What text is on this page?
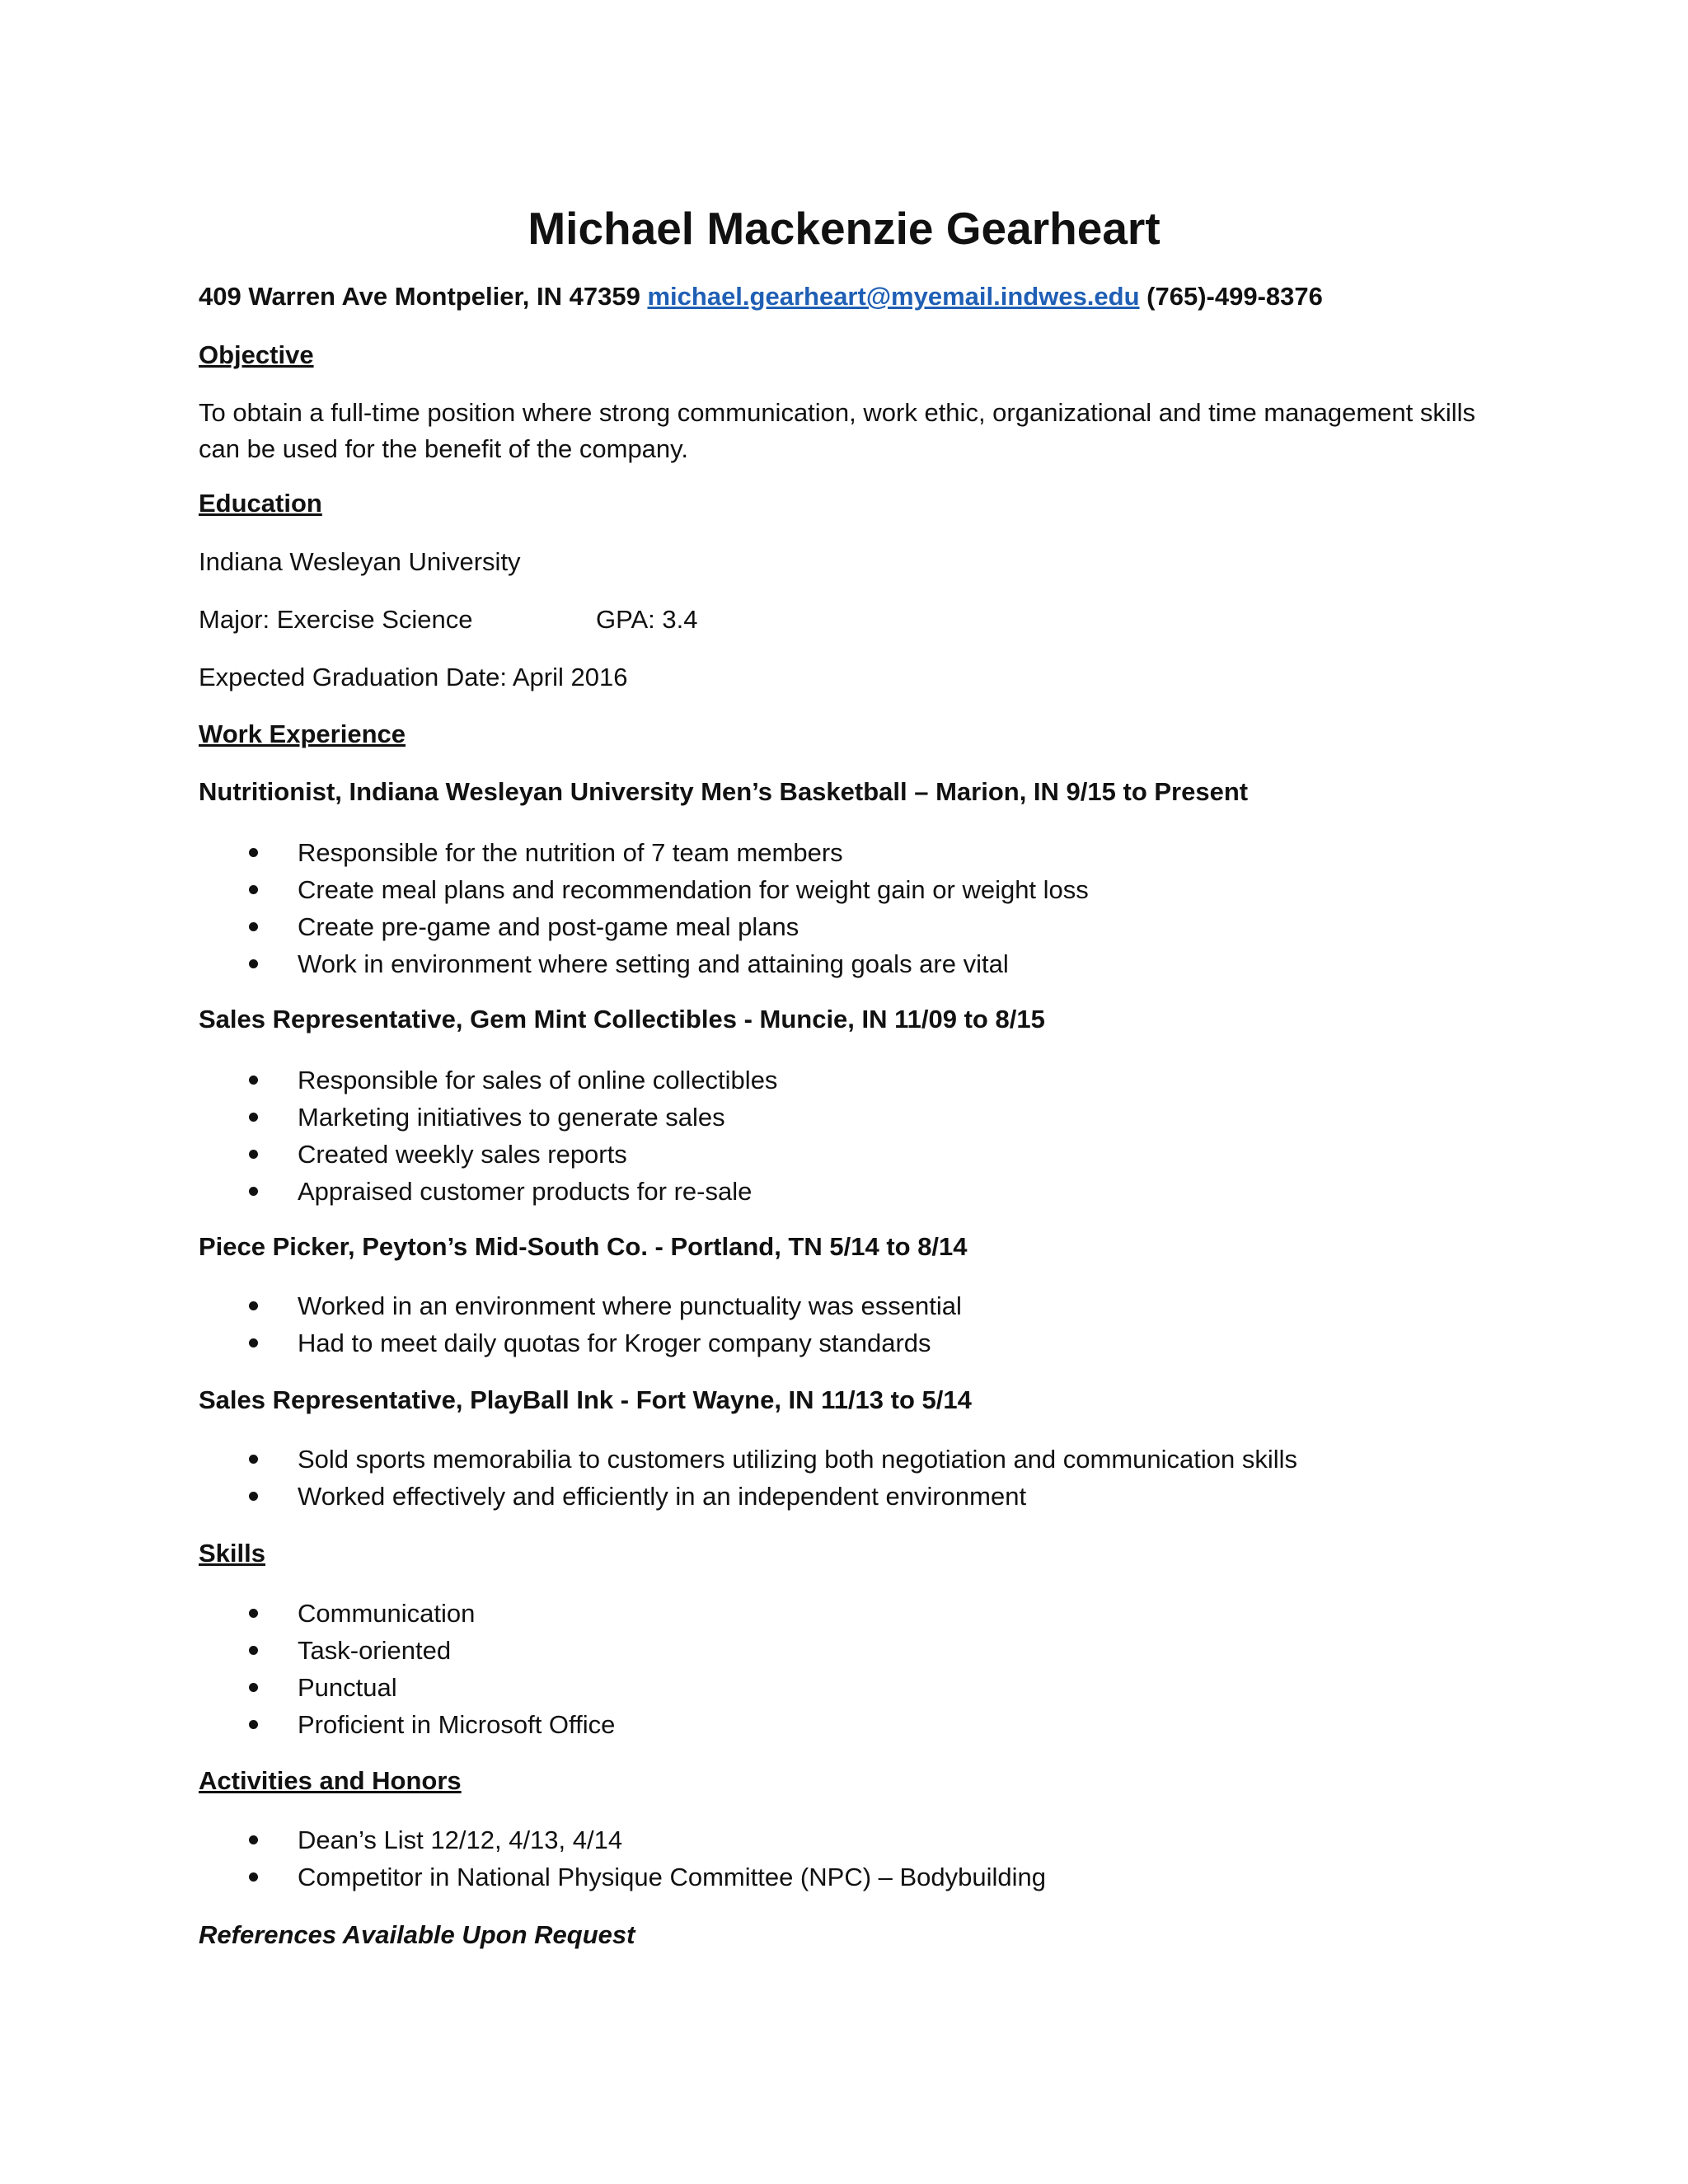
Michael Mackenzie Gearheart
409 Warren Ave Montpelier, IN 47359 michael.gearheart@myemail.indwes.edu (765)-499-8376
Objective
To obtain a full-time position where strong communication, work ethic, organizational and time management skills can be used for the benefit of the company.
Education
Indiana Wesleyan University
Major: Exercise Science	GPA: 3.4
Expected Graduation Date: April 2016
Work Experience
Nutritionist, Indiana Wesleyan University Men’s Basketball – Marion, IN 9/15 to Present
Responsible for the nutrition of 7 team members
Create meal plans and recommendation for weight gain or weight loss
Create pre-game and post-game meal plans
Work in environment where setting and attaining goals are vital
Sales Representative, Gem Mint Collectibles - Muncie, IN 11/09 to 8/15
Responsible for sales of online collectibles
Marketing initiatives to generate sales
Created weekly sales reports
Appraised customer products for re-sale
Piece Picker, Peyton’s Mid-South Co. - Portland, TN 5/14 to 8/14
Worked in an environment where punctuality was essential
Had to meet daily quotas for Kroger company standards
Sales Representative, PlayBall Ink - Fort Wayne, IN 11/13 to 5/14
Sold sports memorabilia to customers utilizing both negotiation and communication skills
Worked effectively and efficiently in an independent environment
Skills
Communication
Task-oriented
Punctual
Proficient in Microsoft Office
Activities and Honors
Dean’s List 12/12, 4/13, 4/14
Competitor in National Physique Committee (NPC) – Bodybuilding
References Available Upon Request
